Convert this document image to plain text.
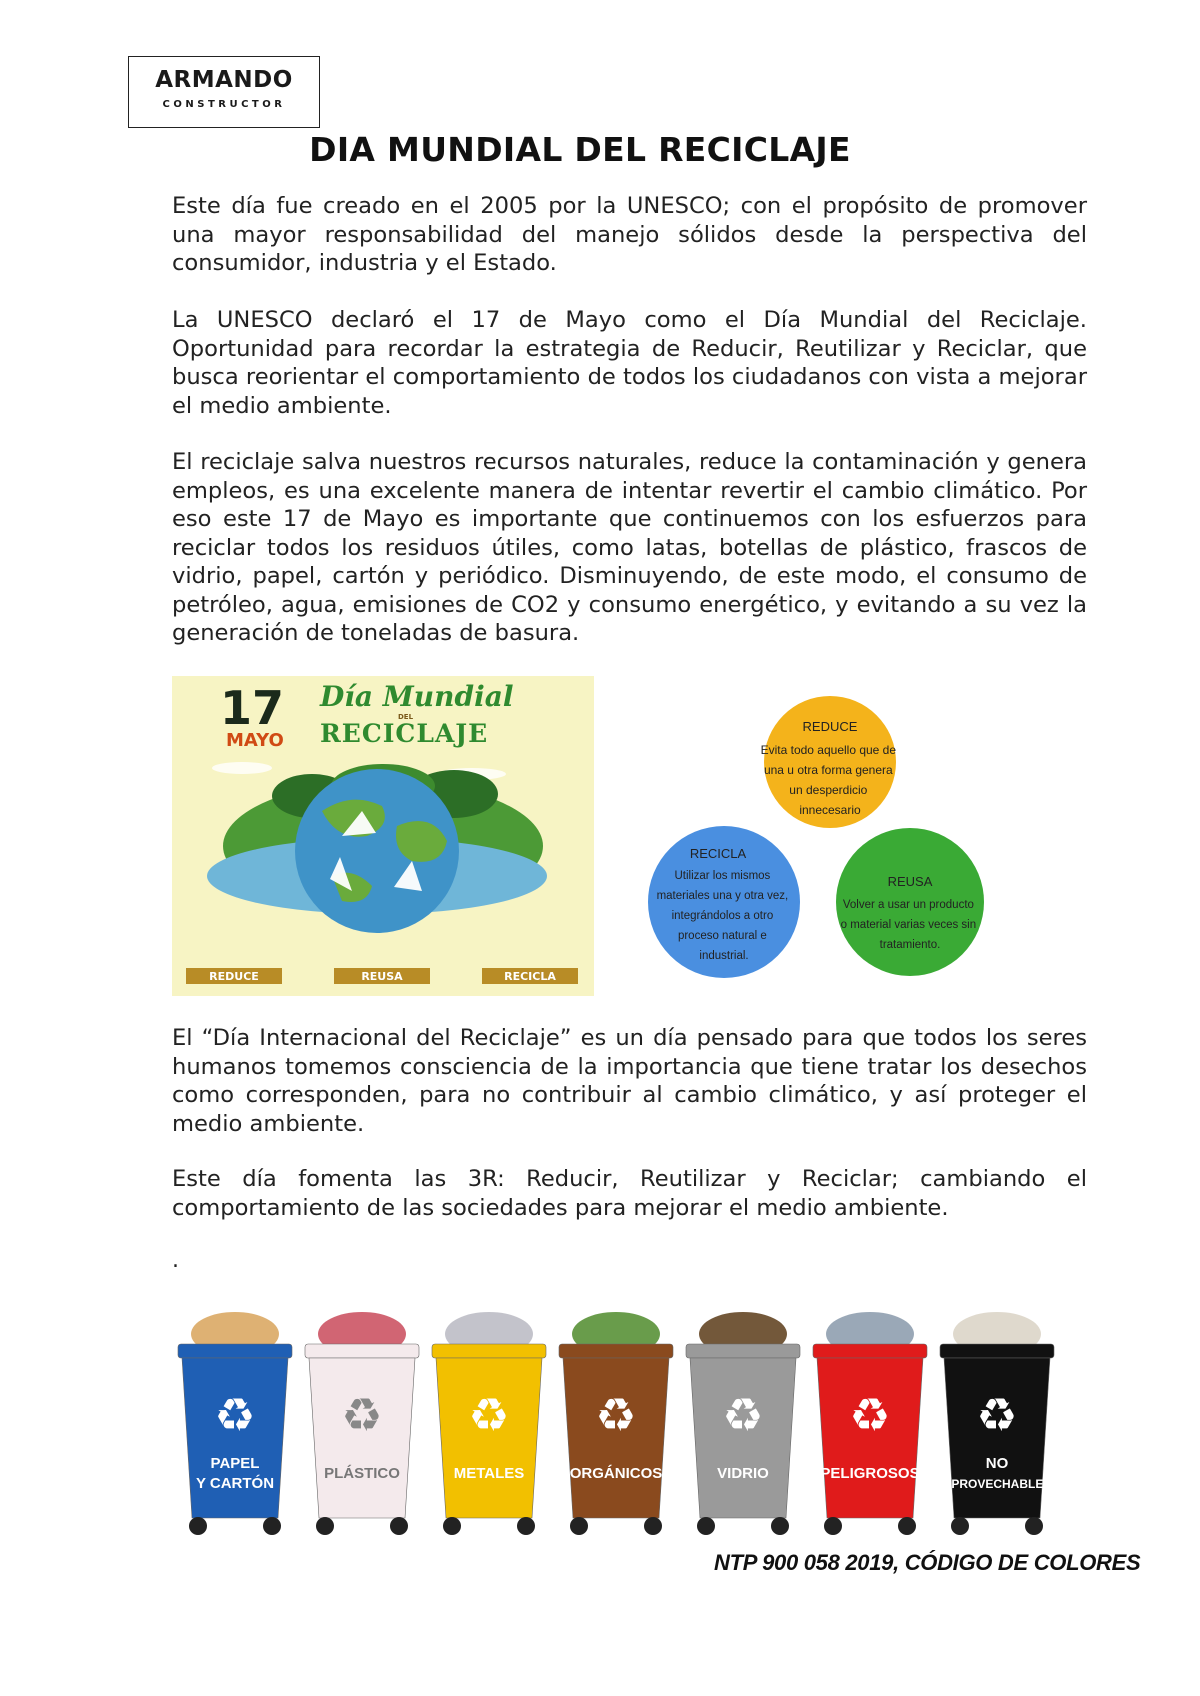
ARMANDO
CONSTRUCTOR
DIA MUNDIAL DEL RECICLAJE

Este día fue creado en el 2005 por la UNESCO; con el propósito de promover una mayor responsabilidad del manejo sólidos desde la perspectiva del consumidor, industria y el Estado.

La UNESCO declaró el 17 de Mayo como el Día Mundial del Reciclaje. Oportunidad para recordar la estrategia de Reducir, Reutilizar y Reciclar, que busca reorientar el comportamiento de todos los ciudadanos con vista a mejorar el medio ambiente.

El reciclaje salva nuestros recursos naturales, reduce la contaminación y genera empleos, es una excelente manera de intentar revertir el cambio climático. Por eso este 17 de Mayo es importante que continuemos con los esfuerzos para reciclar todos los residuos útiles, como latas, botellas de plástico, frascos de vidrio, papel, cartón y periódico. Disminuyendo, de este modo, el consumo de petróleo, agua, emisiones de CO2 y consumo energético, y evitando a su vez la generación de toneladas de basura.

17
MAYO
Día Mundial
DEL
RECICLAJE
REDUCE	REUSA	RECICLA
REDUCE
Evita todo aquello que de una u otra forma genera un desperdicio innecesario
RECICLA
Utilizar los mismos materiales una y otra vez, integrándolos a otro proceso natural e industrial.
REUSA
Volver a usar un producto o material varias veces sin tratamiento.

El “Día Internacional del Reciclaje” es un día pensado para que todos los seres humanos tomemos consciencia de la importancia que tiene tratar los desechos como corresponden, para no contribuir al cambio climático, y así proteger el medio ambiente.

Este día fomenta las 3R: Reducir, Reutilizar y Reciclar; cambiando el comportamiento de las sociedades para mejorar el medio ambiente.

.
♻
PAPEL
Y CARTÓN
♻
PLÁSTICO
♻
METALES
♻
ORGÁNICOS
♻
VIDRIO
♻
PELIGROSOS
♻
NO
APROVECHABLES
NTP 900 058 2019, CÓDIGO DE COLORES
